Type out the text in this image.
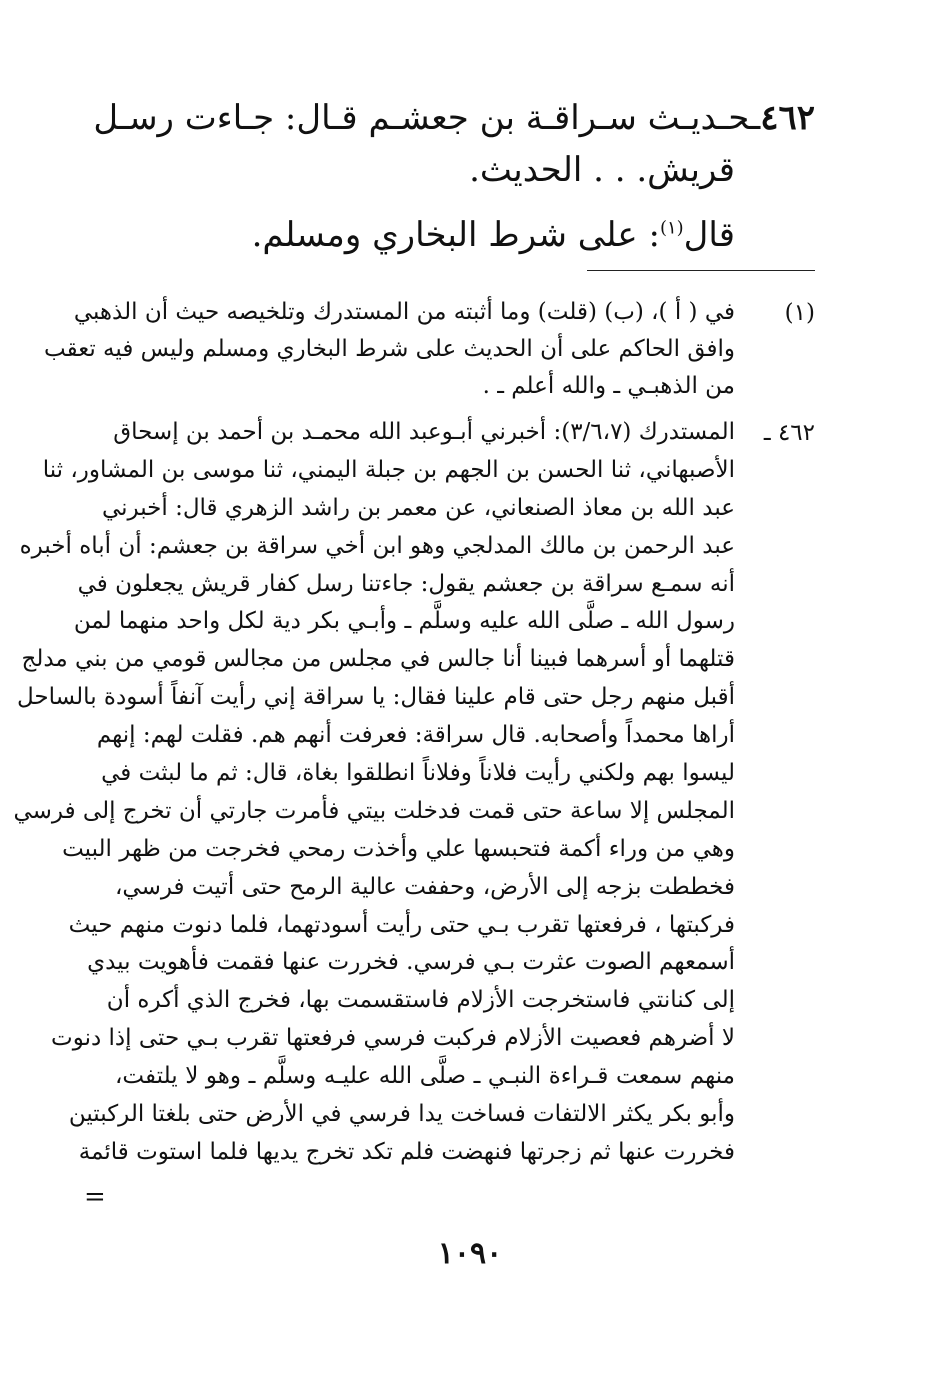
٤٦٢ـحـديـث سـراقـة بن جعشـم قـال: جـاءت رسـل
قريش. . . الحديث.
قال$^{(١)}$: على شرط البخاري ومسلم.
(١)
في ( أ )، (ب) (قلت) وما أثبته من المستدرك وتلخيصه حيث أن الذهبي
وافق الحاكم على أن الحديث على شرط البخاري ومسلم وليس فيه تعقب
من الذهبـي ـ والله أعلم ـ .
٤٦٢ ـ
المستدرك (٣/٦،٧): أخبرني أبـوعبد الله محمـد بن أحمد بن إسحاق
الأصبهاني، ثنا الحسن بن الجهم بن جبلة اليمني، ثنا موسى بن المشاور، ثنا
عبد الله بن معاذ الصنعاني، عن معمر بن راشد الزهري قال: أخبرني
عبد الرحمن بن مالك المدلجي وهو ابن أخي سراقة بن جعشم: أن أباه أخبره
أنه سمـع سراقة بن جعشم يقول: جاءتنا رسل كفار قريش يجعلون في
رسول الله ـ صلَّى الله عليه وسلَّم ـ وأبـي بكر دية لكل واحد منهما لمن
قتلهما أو أسرهما فبينا أنا جالس في مجلس من مجالس قومي من بني مدلج
أقبل منهم رجل حتى قام علينا فقال: يا سراقة إني رأيت آنفاً أسودة بالساحل
أراها محمداً وأصحابه. قال سراقة: فعرفت أنهم هم. فقلت لهم: إنهم
ليسوا بهم ولكني رأيت فلاناً وفلاناً انطلقوا بغاة، قال: ثم ما لبثت في
المجلس إلا ساعة حتى قمت فدخلت بيتي فأمرت جارتي أن تخرج إلى فرسي
وهي من وراء أكمة فتحبسها علي وأخذت رمحي فخرجت من ظهر البيت
فخططت بزجه إلى الأرض، وحففت عالية الرمح حتى أتيت فرسي،
فركبتها ، فرفعتها تقرب بـي حتى رأيت أسودتهما، فلما دنوت منهم حيث
أسمعهم الصوت عثرت بـي فرسي. فخررت عنها فقمت فأهويت بيدي
إلى كنانتي فاستخرجت الأزلام فاستقسمت بها، فخرج الذي أكره أن
لا أضرهم فعصيت الأزلام فركبت فرسي فرفعتها تقرب بـي حتى إذا دنوت
منهم سمعت قـراءة النبـي ـ صلَّى الله عليـه وسلَّم ـ وهو لا يلتفت،
وأبو بكر يكثر الالتفات فساخت يدا فرسي في الأرض حتى بلغتا الركبتين
فخررت عنها ثم زجرتها فنهضت فلم تكد تخرج يديها فلما استوت قائمة
=
١٠٩٠
